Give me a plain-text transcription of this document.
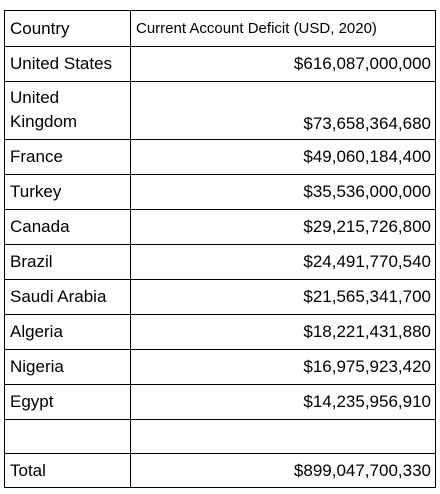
Country	Current Account Deficit (USD, 2020)
United States	$616,087,000,000
United Kingdom	$73,658,364,680
France	$49,060,184,400
Turkey	$35,536,000,000
Canada	$29,215,726,800
Brazil	$24,491,770,540
Saudi Arabia	$21,565,341,700
Algeria	$18,221,431,880
Nigeria	$16,975,923,420
Egypt	$14,235,956,910

Total	$899,047,700,330
